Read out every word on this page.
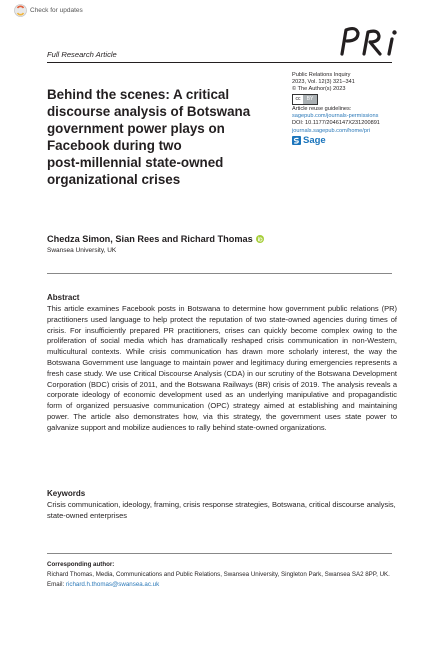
Check for updates
Full Research Article
Behind the scenes: A critical
discourse analysis of Botswana
government power plays on
Facebook during two
post-millennial state-owned
organizational crises
Public Relations Inquiry
2023, Vol. 12(3) 321–341
© The Author(s) 2023
cc	BY
Article reuse guidelines:
sagepub.com/journals-permissions
DOI: 10.1177/2046147X231200891
journals.sagepub.com/home/pri
Sage
Chedza Simon, Sian Rees and Richard Thomas
Swansea University, UK
Abstract
This article examines Facebook posts in Botswana to determine how government public relations (PR) practitioners used language to help protect the reputation of two state-owned agencies during times of crisis. For insufficiently prepared PR practitioners, crises can quickly become complex owing to the proliferation of social media which has dramatically reshaped crisis communication in non-Western, multicultural contexts. While crisis communication has drawn more scholarly interest, the way the Botswana Government use language to maintain power and legitimacy during emergencies represents a fresh case study. We use Critical Discourse Analysis (CDA) in our scrutiny of the Botswana Development Corporation (BDC) crisis of 2011, and the Botswana Railways (BR) crisis of 2019. The analysis reveals a corporate ideology of economic development used as an underlying manipulative and propagandistic form of organized persuasive communication (OPC) strategy aimed at establishing and maintaining power. The article also demonstrates how, via this strategy, the government uses state power to galvanize support and mobilize audiences to rally behind state-owned organizations.
Keywords
Crisis communication, ideology, framing, crisis response strategies, Botswana, critical discourse analysis, state-owned enterprises
Corresponding author:
Richard Thomas, Media, Communications and Public Relations, Swansea University, Singleton Park, Swansea SA2 8PP, UK.
Email: richard.h.thomas@swansea.ac.uk
